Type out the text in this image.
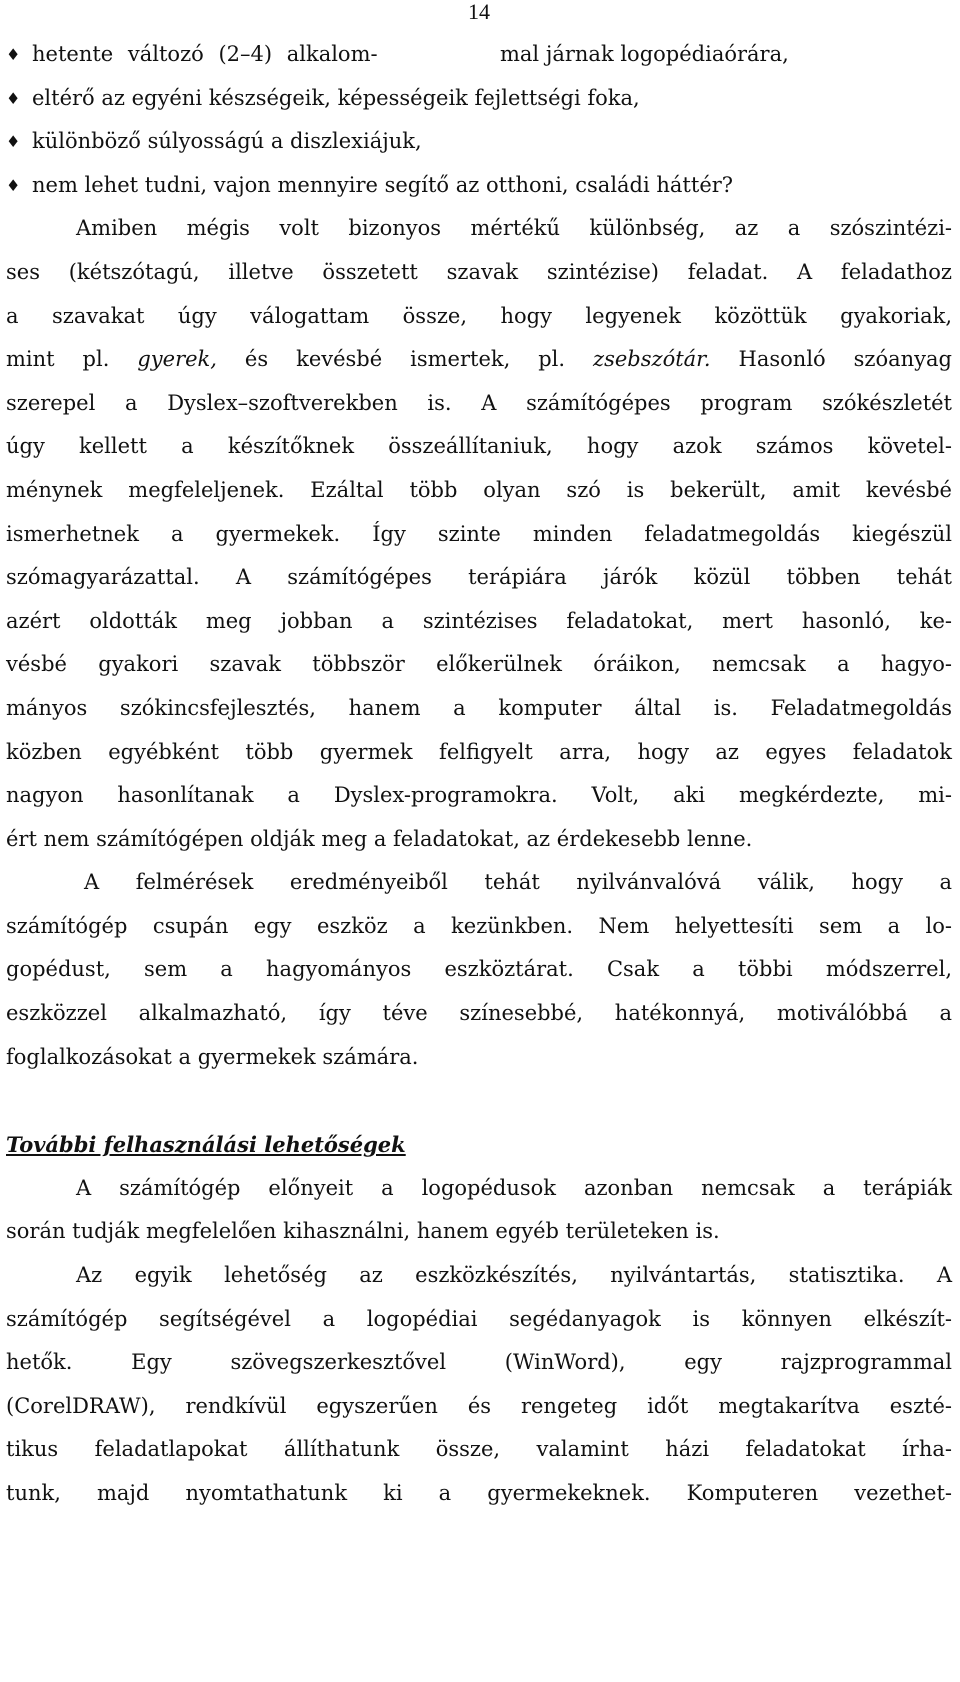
14
♦ hetente változó (2–4) alkalom-	mal járnak logopédiaórára,
♦ eltérő az egyéni készségeik, képességeik fejlettségi foka,
♦ különböző súlyosságú a diszlexiájuk,
♦ nem lehet tudni, vajon mennyire segítő az otthoni, családi háttér?
Amiben mégis volt bizonyos mértékű különbség, az a szószintézi-
ses (kétszótagú, illetve összetett szavak szintézise) feladat. A feladathoz
a szavakat úgy válogattam össze, hogy legyenek közöttük gyakoriak,
mint pl. gyerek, és kevésbé ismertek, pl. zsebszótár. Hasonló szóanyag
szerepel a Dyslex–szoftverekben is. A számítógépes program szókészletét
úgy kellett a készítőknek összeállítaniuk, hogy azok számos követel-
ménynek megfeleljenek. Ezáltal több olyan szó is bekerült, amit kevésbé
ismerhetnek a gyermekek. Így szinte minden feladatmegoldás kiegészül
szómagyarázattal. A számítógépes terápiára járók közül többen tehát
azért oldották meg jobban a szintézises feladatokat, mert hasonló, ke-
vésbé gyakori szavak többször előkerülnek óráikon, nemcsak a hagyo-
mányos szókincsfejlesztés, hanem a komputer által is. Feladatmegoldás
közben egyébként több gyermek felfigyelt arra, hogy az egyes feladatok
nagyon hasonlítanak a Dyslex-programokra. Volt, aki megkérdezte, mi-
ért nem számítógépen oldják meg a feladatokat, az érdekesebb lenne.
A felmérések eredményeiből tehát nyilvánvalóvá válik, hogy a
számítógép csupán egy eszköz a kezünkben. Nem helyettesíti sem a lo-
gopédust, sem a hagyományos eszköztárat. Csak a többi módszerrel,
eszközzel alkalmazható, így téve színesebbé, hatékonnyá, motiválóbbá a
foglalkozásokat a gyermekek számára.
További felhasználási lehetőségek
A számítógép előnyeit a logopédusok azonban nemcsak a terápiák
során tudják megfelelően kihasználni, hanem egyéb területeken is.
Az egyik lehetőség az eszközkészítés, nyilvántartás, statisztika. A
számítógép segítségével a logopédiai segédanyagok is könnyen elkészít-
hetők. Egy szövegszerkesztővel (WinWord), egy rajzprogrammal
(CorelDRAW), rendkívül egyszerűen és rengeteg időt megtakarítva eszté-
tikus feladatlapokat állíthatunk össze, valamint házi feladatokat írha-
tunk, majd nyomtathatunk ki a gyermekeknek. Komputeren vezethet-
